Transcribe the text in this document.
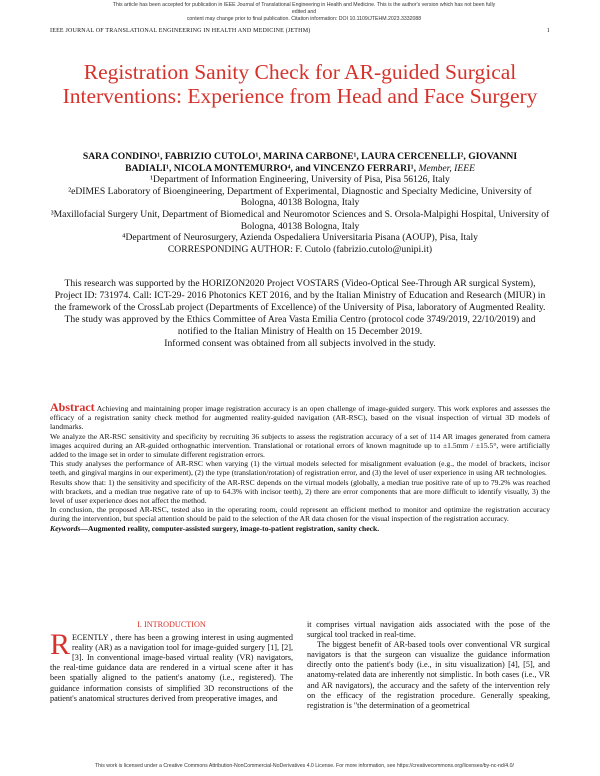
This article has been accepted for publication in IEEE Journal of Translational Engineering in Health and Medicine. This is the author's version which has not been fully edited and
content may change prior to final publication. Citation information: DOI 10.1109/JTEHM.2023.3332088
IEEE JOURNAL OF TRANSLATIONAL ENGINEERING IN HEALTH AND MEDICINE (JETHM)	1
Registration Sanity Check for AR-guided Surgical Interventions: Experience from Head and Face Surgery
SARA CONDINO¹, FABRIZIO CUTOLO¹, MARINA CARBONE¹, LAURA CERCENELLI², GIOVANNI
BADIALI¹, NICOLA MONTEMURRO⁴, and VINCENZO FERRARI¹, Member, IEEE

¹Department of Information Engineering, University of Pisa, Pisa 56126, Italy

²eDIMES Laboratory of Bioengineering, Department of Experimental, Diagnostic and Specialty Medicine, University of Bologna, 40138 Bologna, Italy

³Maxillofacial Surgery Unit, Department of Biomedical and Neuromotor Sciences and S. Orsola-Malpighi Hospital, University of Bologna, 40138 Bologna, Italy

⁴Department of Neurosurgery, Azienda Ospedaliera Universitaria Pisana (AOUP), Pisa, Italy

CORRESPONDING AUTHOR: F. Cutolo (fabrizio.cutolo@unipi.it)

This research was supported by the HORIZON2020 Project VOSTARS (Video-Optical See-Through AR surgical System), Project ID: 731974. Call: ICT-29- 2016 Photonics KET 2016, and by the Italian Ministry of Education and Research (MIUR) in the framework of the CrossLab project (Departments of Excellence) of the University of Pisa, laboratory of Augmented Reality. The study was approved by the Ethics Committee of Area Vasta Emilia Centro (protocol code 3749/2019, 22/10/2019) and notified to the Italian Ministry of Health on 15 December 2019.

Informed consent was obtained from all subjects involved in the study.

Abstract Achieving and maintaining proper image registration accuracy is an open challenge of image-guided surgery. This work explores and assesses the efficacy of a registration sanity check method for augmented reality-guided navigation (AR-RSC), based on the visual inspection of virtual 3D models of landmarks.

We analyze the AR-RSC sensitivity and specificity by recruiting 36 subjects to assess the registration accuracy of a set of 114 AR images generated from camera images acquired during an AR-guided orthognathic intervention. Translational or rotational errors of known magnitude up to ±1.5mm / ±15.5°, were artificially added to the image set in order to simulate different registration errors.

This study analyses the performance of AR-RSC when varying (1) the virtual models selected for misalignment evaluation (e.g., the model of brackets, incisor teeth, and gingival margins in our experiment), (2) the type (translation/rotation) of registration error, and (3) the level of user experience in using AR technologies.

Results show that: 1) the sensitivity and specificity of the AR-RSC depends on the virtual models (globally, a median true positive rate of up to 79.2% was reached with brackets, and a median true negative rate of up to 64.3% with incisor teeth), 2) there are error components that are more difficult to identify visually, 3) the level of user experience does not affect the method.

In conclusion, the proposed AR-RSC, tested also in the operating room, could represent an efficient method to monitor and optimize the registration accuracy during the intervention, but special attention should be paid to the selection of the AR data chosen for the visual inspection of the registration accuracy.

Keywords—Augmented reality, computer-assisted surgery, image-to-patient registration, sanity check.

I. INTRODUCTION

RECENTLY , there has been a growing interest in using augmented reality (AR) as a navigation tool for image-guided surgery [1], [2], [3]. In conventional image-based virtual reality (VR) navigators, the real-time guidance data are rendered in a virtual scene after it has been spatially aligned to the patient's anatomy (i.e., registered). The guidance information consists of simplified 3D reconstructions of the patient's anatomical structures derived from preoperative images, and

it comprises virtual navigation aids associated with the pose of the surgical tool tracked in real-time.

The biggest benefit of AR-based tools over conventional VR surgical navigators is that the surgeon can visualize the guidance information directly onto the patient's body (i.e., in situ visualization) [4], [5], and anatomy-related data are inherently not simplistic. In both cases (i.e., VR and AR navigators), the accuracy and the safety of the intervention rely on the efficacy of the registration procedure. Generally speaking, registration is "the determination of a geometrical

This work is licensed under a Creative Commons Attribution-NonCommercial-NoDerivatives 4.0 License. For more information, see https://creativecommons.org/licenses/by-nc-nd/4.0/
